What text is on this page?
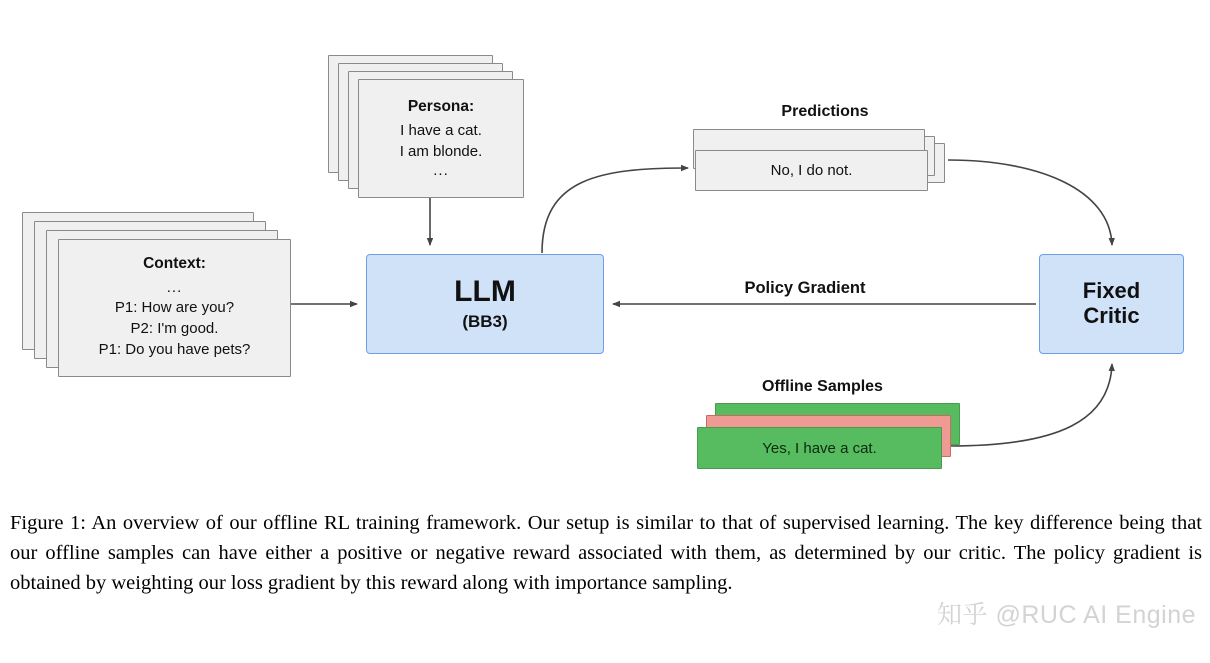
Context:
...
P1: How are you?
P2: I'm good.
P1: Do you have pets?
Persona:
I have a cat.
I am blonde.
...
Predictions
No, I do not.
Offline Samples
Yes, I have a cat.
LLM
(BB3)
Fixed
Critic
Policy Gradient
Figure 1: An overview of our offline RL training framework. Our setup is similar to that of supervised learning. The key difference being that our offline samples can have either a positive or negative reward associated with them, as determined by our critic. The policy gradient is obtained by weighting our loss gradient by this reward along with importance sampling.
知乎 @RUC AI Engine
